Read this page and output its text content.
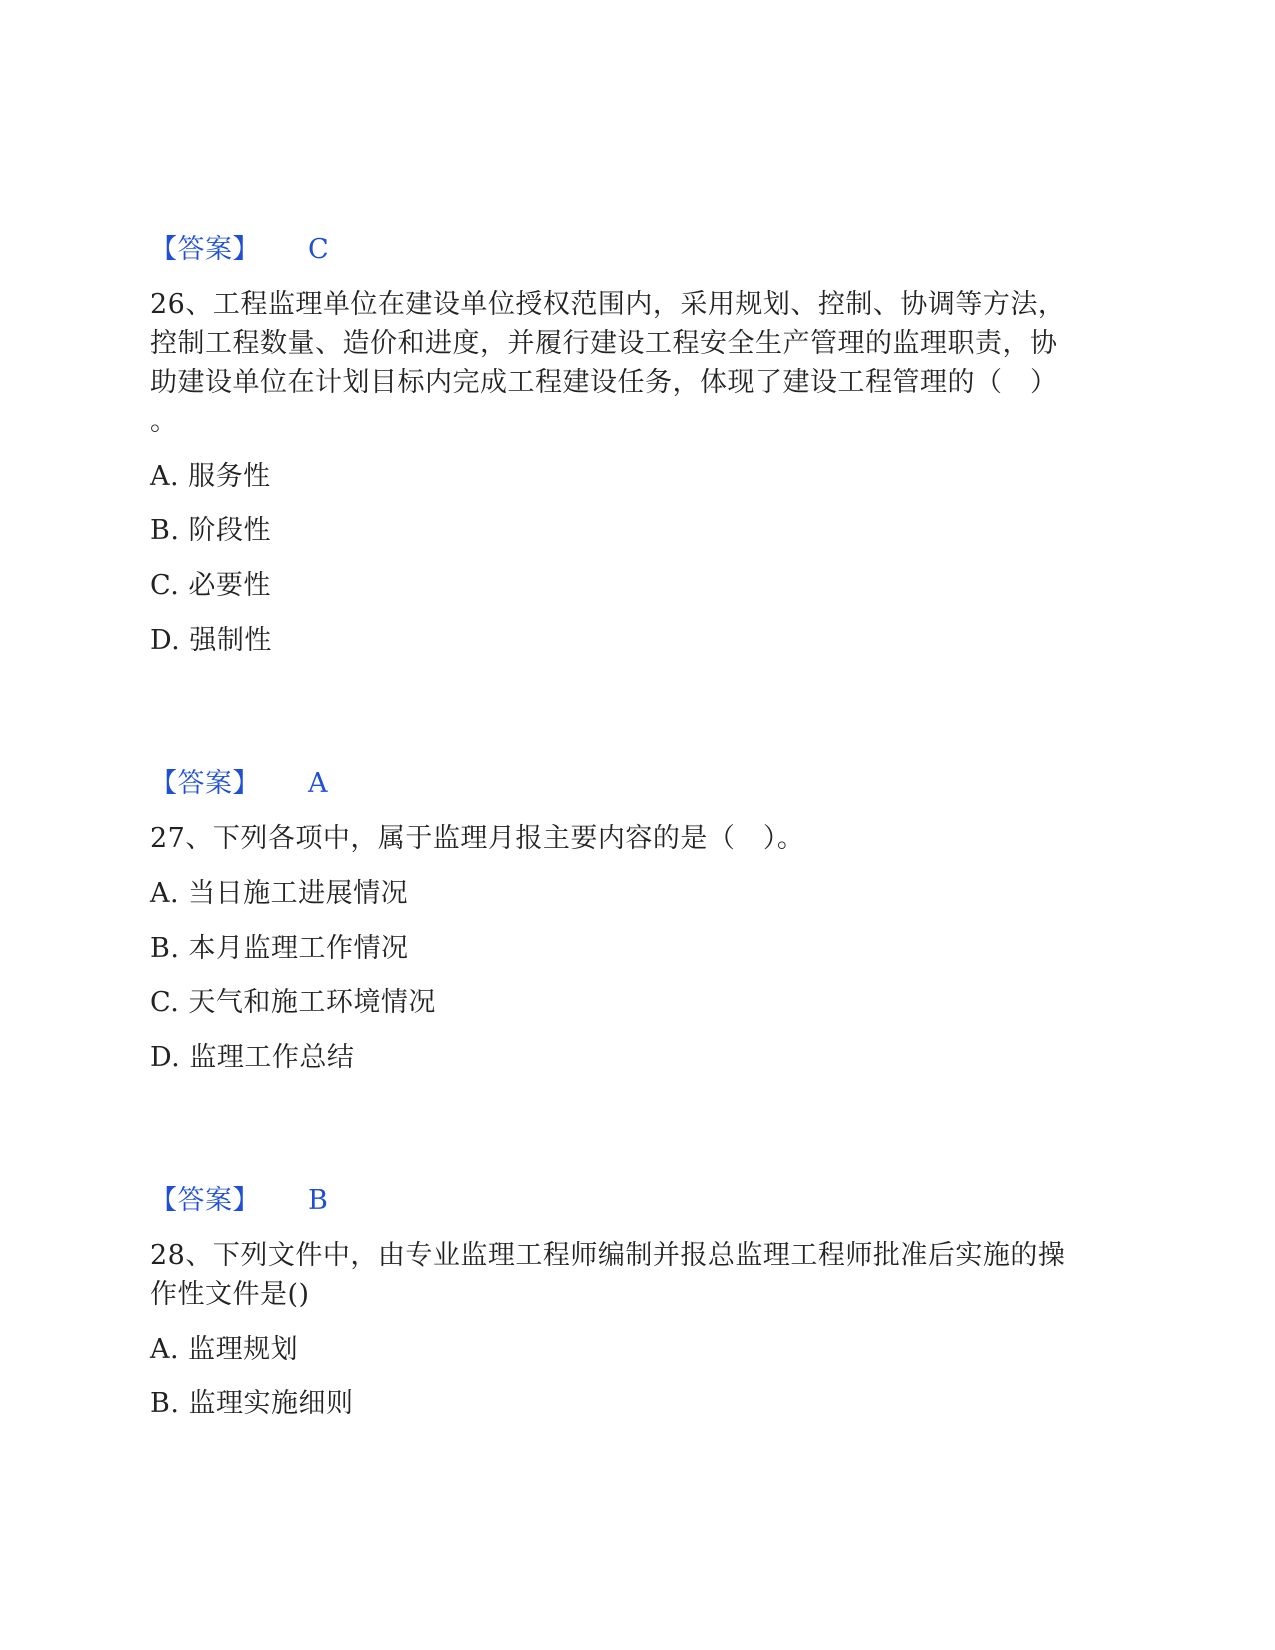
【答案】 C
26、工程监理单位在建设单位授权范围内，采用规划、控制、协调等方法，
控制工程数量、造价和进度，并履行建设工程安全生产管理的监理职责，协
助建设单位在计划目标内完成工程建设任务，体现了建设工程管理的（　）
。
A. 服务性
B. 阶段性
C. 必要性
D. 强制性
【答案】 A
27、下列各项中，属于监理月报主要内容的是（　）。
A. 当日施工进展情况
B. 本月监理工作情况
C. 天气和施工环境情况
D. 监理工作总结
【答案】 B
28、下列文件中，由专业监理工程师编制并报总监理工程师批准后实施的操
作性文件是()
A. 监理规划
B. 监理实施细则
